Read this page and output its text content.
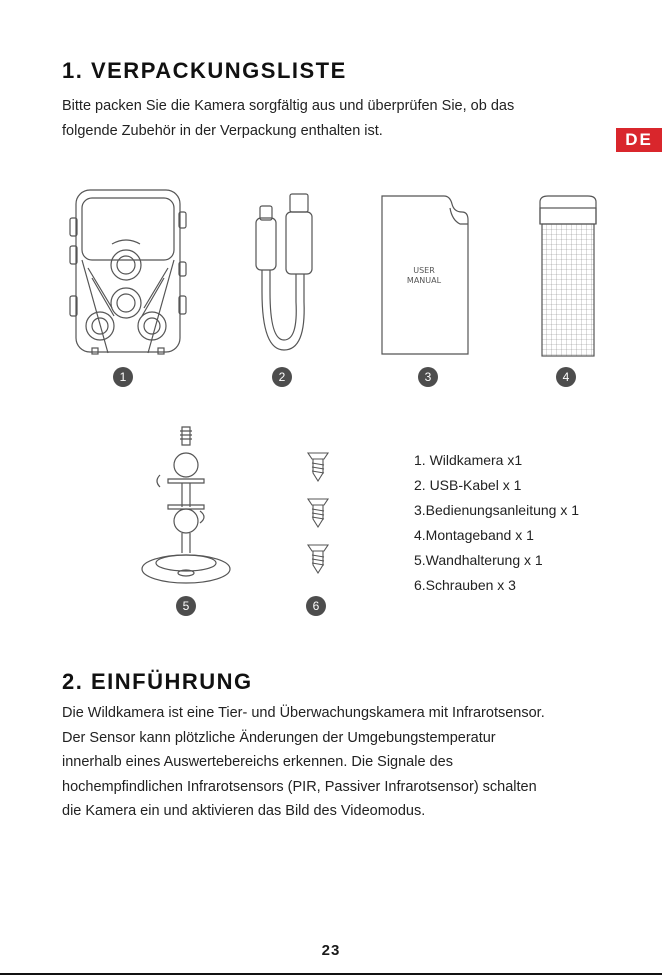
1. VERPACKUNGSLISTE
Bitte packen Sie die Kamera sorgfältig aus und überprüfen Sie, ob das
folgende Zubehör in der Verpackung enthalten ist.	DE
USER
MANUAL
1	2	3	4
5	6
1. Wildkamera x1
2. USB-Kabel x 1
3.Bedienungsanleitung x 1
4.Montageband x 1
5.Wandhalterung x 1
6.Schrauben x 3
2. EINFÜHRUNG
Die Wildkamera ist eine Tier- und Überwachungskamera mit Infrarotsensor.
Der Sensor kann plötzliche Änderungen der Umgebungstemperatur
innerhalb eines Auswertebereichs erkennen. Die Signale des
hochempfindlichen Infrarotsensors (PIR, Passiver Infrarotsensor) schalten
die Kamera ein und aktivieren das Bild des Videomodus.
23
